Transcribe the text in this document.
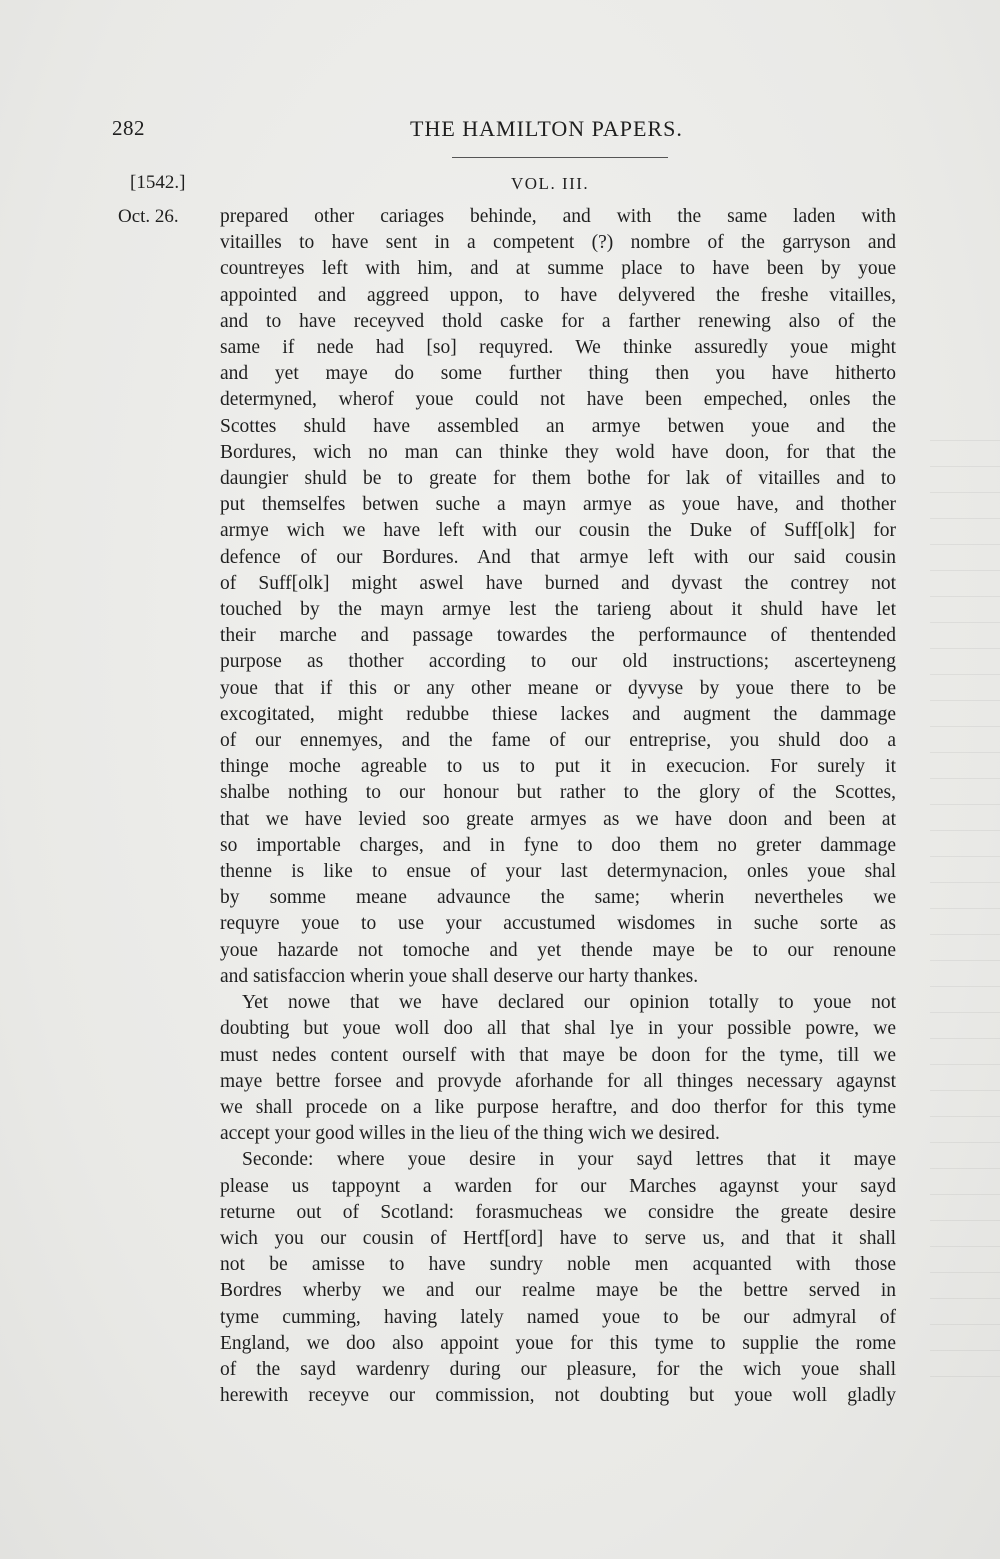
282	THE HAMILTON PAPERS.
[1542.]	VOL. III.
Oct. 26. prepared other cariages behinde, and with the same laden with
vitailles to have sent in a competent (?) nombre of the garryson and
countreyes left with him, and at summe place to have been by youe
appointed and aggreed uppon, to have delyvered the freshe vitailles,
and to have receyved thold caske for a farther renewing also of the
same if nede had [so] requyred. We thinke assuredly youe might
and yet maye do some further thing then you have hitherto
determyned, wherof youe could not have been empeched, onles the
Scottes shuld have assembled an armye betwen youe and the
Bordures, wich no man can thinke they wold have doon, for that the
daungier shuld be to greate for them bothe for lak of vitailles and to
put themselfes betwen suche a mayn armye as youe have, and thother
armye wich we have left with our cousin the Duke of Suff[olk] for
defence of our Bordures. And that armye left with our said cousin
of Suff[olk] might aswel have burned and dyvast the contrey not
touched by the mayn armye lest the tarieng about it shuld have let
their marche and passage towardes the performaunce of thentended
purpose as thother according to our old instructions; ascerteyneng
youe that if this or any other meane or dyvyse by youe there to be
excogitated, might redubbe thiese lackes and augment the dammage
of our ennemyes, and the fame of our entreprise, you shuld doo a
thinge moche agreable to us to put it in execucion. For surely it
shalbe nothing to our honour but rather to the glory of the Scottes,
that we have levied soo greate armyes as we have doon and been at
so importable charges, and in fyne to doo them no greter dammage
thenne is like to ensue of your last determynacion, onles youe shal
by somme meane advaunce the same; wherin nevertheles we
requyre youe to use your accustumed wisdomes in suche sorte as
youe hazarde not tomoche and yet thende maye be to our renoune
and satisfaccion wherin youe shall deserve our harty thankes.

Yet nowe that we have declared our opinion totally to youe not
doubting but youe woll doo all that shal lye in your possible powre, we
must nedes content ourself with that maye be doon for the tyme, till we
maye bettre forsee and provyde aforhande for all thinges necessary agaynst
we shall procede on a like purpose heraftre, and doo therfor for this tyme
accept your good willes in the lieu of the thing wich we desired.

Seconde: where youe desire in your sayd lettres that it maye
please us tappoynt a warden for our Marches agaynst your sayd
returne out of Scotland: forasmucheas we considre the greate desire
wich you our cousin of Hertf[ord] have to serve us, and that it shall
not be amisse to have sundry noble men acquanted with those
Bordres wherby we and our realme maye be the bettre served in
tyme cumming, having lately named youe to be our admyral of
England, we doo also appoint youe for this tyme to supplie the rome
of the sayd wardenry during our pleasure, for the wich youe shall
herewith receyve our commission, not doubting but youe woll gladly
